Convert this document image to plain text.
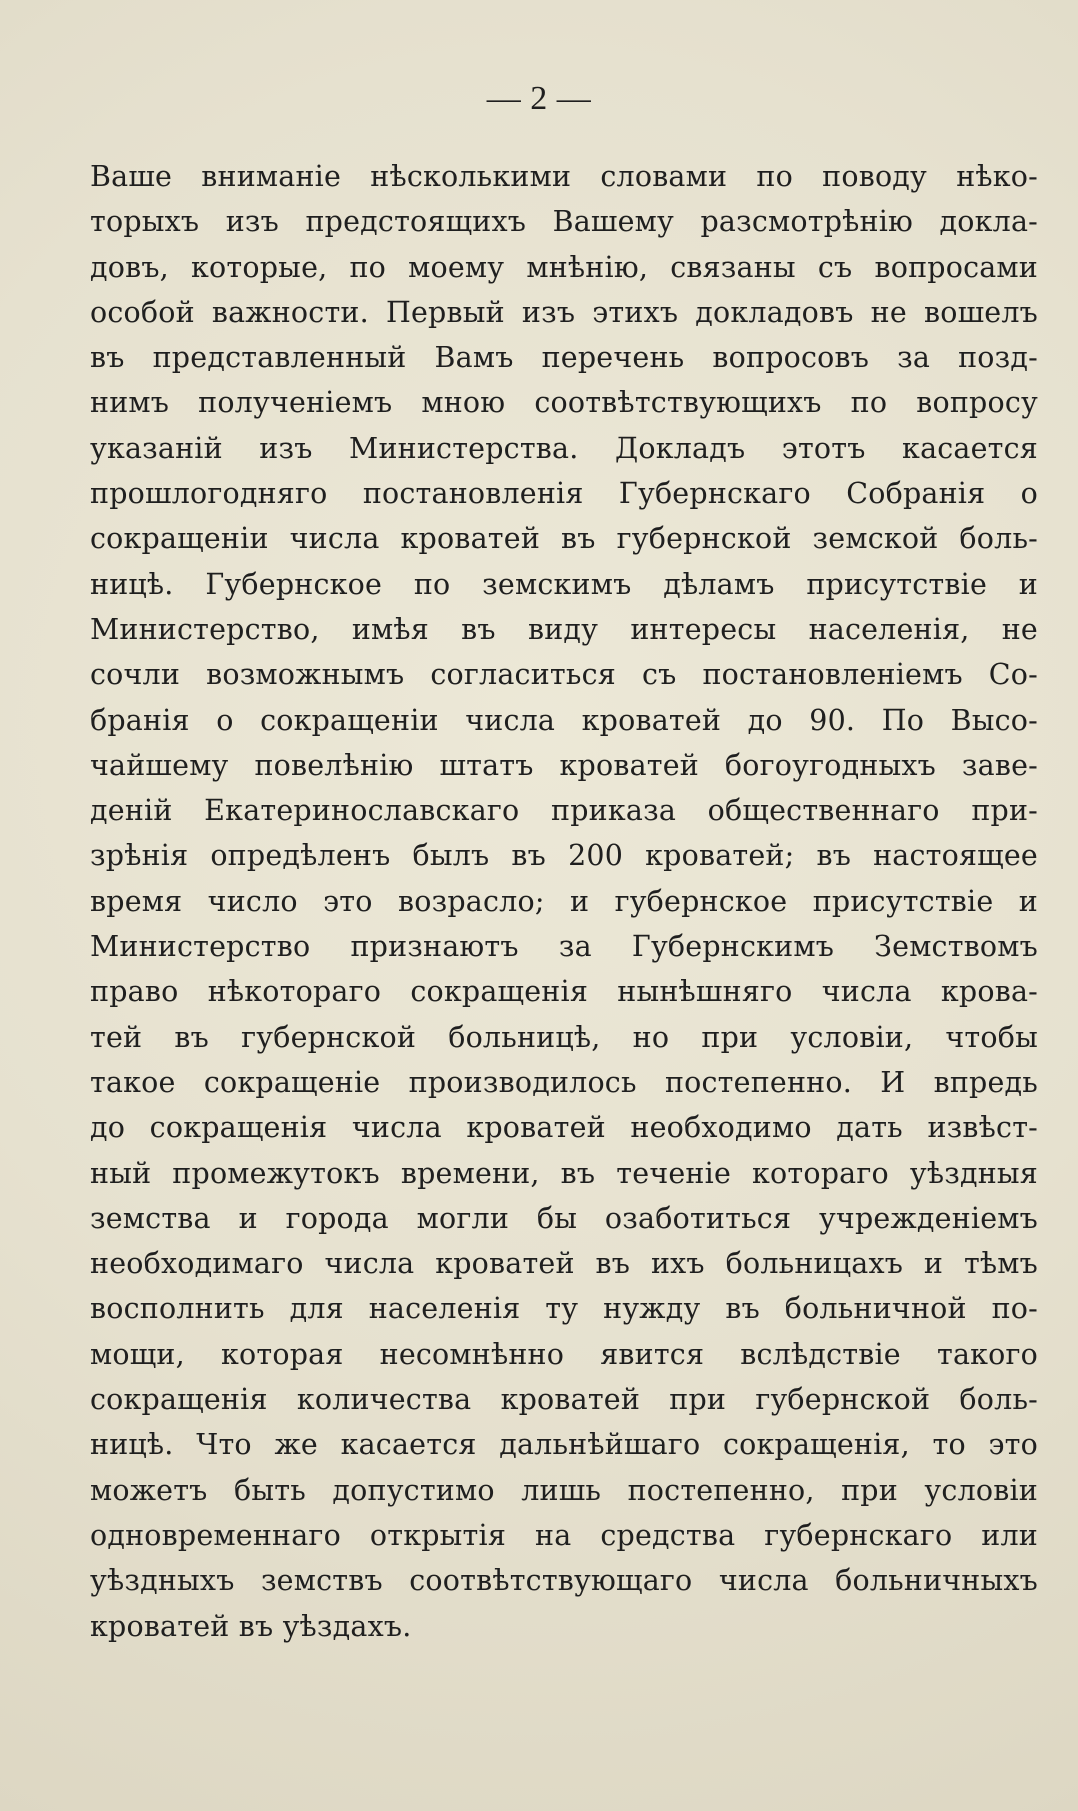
— 2 —
Ваше вниманіе нѣсколькими словами по поводу нѣко-
торыхъ изъ предстоящихъ Вашему разсмотрѣнію докла-
довъ, которые, по моему мнѣнію, связаны съ вопросами
особой важности. Первый изъ этихъ докладовъ не вошелъ
въ представленный Вамъ перечень вопросовъ за позд-
нимъ полученіемъ мною соотвѣтствующихъ по вопросу
указаній изъ Министерства. Докладъ этотъ касается
прошлогодняго постановленія Губернскаго Собранія о
сокращеніи числа кроватей въ губернской земской боль-
ницѣ. Губернское по земскимъ дѣламъ присутствіе и
Министерство, имѣя въ виду интересы населенія, не
сочли возможнымъ согласиться съ постановленіемъ Со-
бранія о сокращеніи числа кроватей до 90. По Высо-
чайшему повелѣнію штатъ кроватей богоугодныхъ заве-
деній Екатеринославскаго приказа общественнаго при-
зрѣнія опредѣленъ былъ въ 200 кроватей; въ настоящее
время число это возрасло; и губернское присутствіе и
Министерство признаютъ за Губернскимъ Земствомъ
право нѣкотораго сокращенія нынѣшняго числа крова-
тей въ губернской больницѣ, но при условіи, чтобы
такое сокращеніе производилось постепенно. И впредь
до сокращенія числа кроватей необходимо дать извѣст-
ный промежутокъ времени, въ теченіе котораго уѣздныя
земства и города могли бы озаботиться учрежденіемъ
необходимаго числа кроватей въ ихъ больницахъ и тѣмъ
восполнить для населенія ту нужду въ больничной по-
мощи, которая несомнѣнно явится вслѣдствіе такого
сокращенія количества кроватей при губернской боль-
ницѣ. Что же касается дальнѣйшаго сокращенія, то это
можетъ быть допустимо лишь постепенно, при условіи
одновременнаго открытія на средства губернскаго или
уѣздныхъ земствъ соотвѣтствующаго числа больничныхъ
кроватей въ уѣздахъ.
